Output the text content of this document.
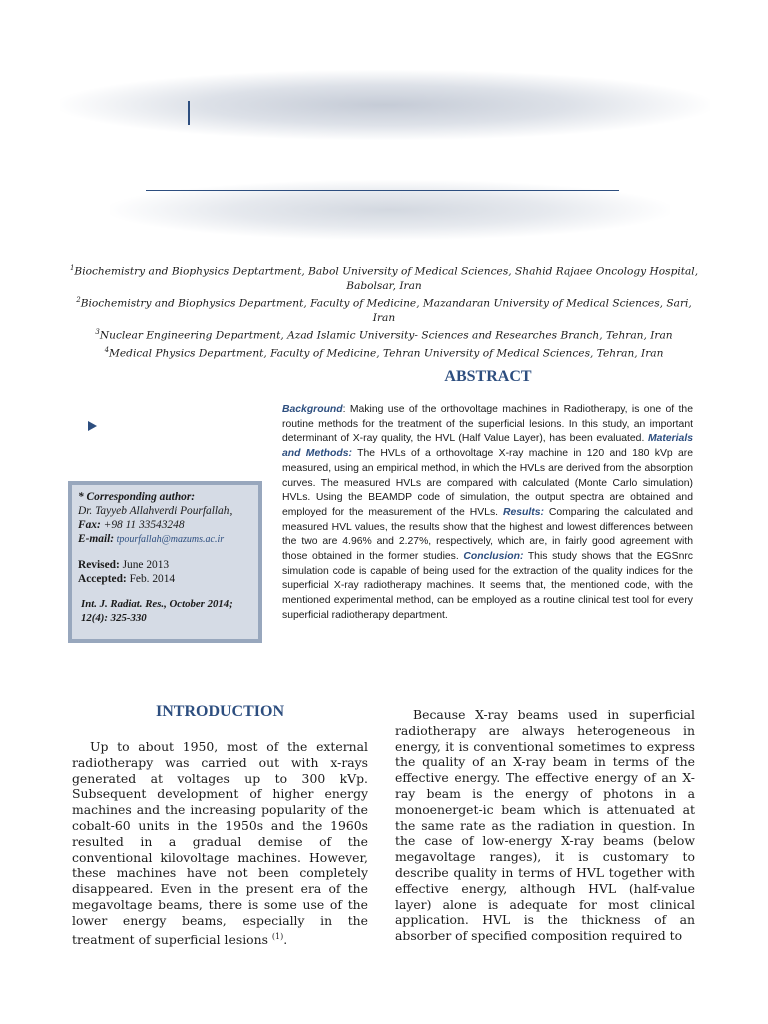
$^1$Biochemistry and Biophysics Deptartment, Babol University of Medical Sciences, Shahid Rajaee Oncology Hospital, Babolsar, Iran
$^2$Biochemistry and Biophysics Department, Faculty of Medicine, Mazandaran University of Medical Sciences, Sari, Iran
$^3$Nuclear Engineering Department, Azad Islamic University- Sciences and Researches Branch, Tehran, Iran
$^4$Medical Physics Department, Faculty of Medicine, Tehran University of Medical Sciences, Tehran, Iran
ABSTRACT
Background: Making use of the orthovoltage machines in Radiotherapy, is one of the routine methods for the treatment of the superficial lesions. In this study, an important determinant of X-ray quality, the HVL (Half Value Layer), has been evaluated. Materials and Methods: The HVLs of a orthovoltage X-ray machine in 120 and 180 kVp are measured, using an empirical method, in which the HVLs are derived from the absorption curves. The measured HVLs are compared with calculated (Monte Carlo simulation) HVLs. Using the BEAMDP code of simulation, the output spectra are obtained and employed for the measurement of the HVLs. Results: Comparing the calculated and measured HVL values, the results show that the highest and lowest differences between the two are 4.96% and 2.27%, respectively, which are, in fairly good agreement with those obtained in the former studies. Conclusion: This study shows that the EGSnrc simulation code is capable of being used for the extraction of the quality indices for the superficial X-ray radiotherapy machines. It seems that, the mentioned code, with the mentioned experimental method, can be employed as a routine clinical test tool for every superficial radiotherapy department.
* Corresponding author:
Dr. Tayyeb Allahverdi Pourfallah,
Fax: +98 11 33543248
E-mail: tpourfallah@mazums.ac.ir
Revised: June 2013
Accepted: Feb. 2014
Int. J. Radiat. Res., October 2014;
12(4): 325-330
INTRODUCTION
Up to about 1950, most of the external radiotherapy was carried out with x-rays generated at voltages up to 300 kVp. Subsequent development of higher energy machines and the increasing popularity of the cobalt-60 units in the 1950s and the 1960s resulted in a gradual demise of the conventional kilovoltage machines. However, these machines have not been completely disappeared. Even in the present era of the megavoltage beams, there is some use of the lower energy beams, especially in the treatment of superficial lesions $^{(1)}$.
Because X-ray beams used in superficial radiotherapy are always heterogeneous in energy, it is conventional sometimes to express the quality of an X-ray beam in terms of the effective energy. The effective energy of an X-ray beam is the energy of photons in a monoenerget-ic beam which is attenuated at the same rate as the radiation in question. In the case of low-energy X-ray beams (below megavoltage ranges), it is customary to describe quality in terms of HVL together with effective energy, although HVL (half-value layer) alone is adequate for most clinical application. HVL is the thickness of an absorber of specified composition required to
